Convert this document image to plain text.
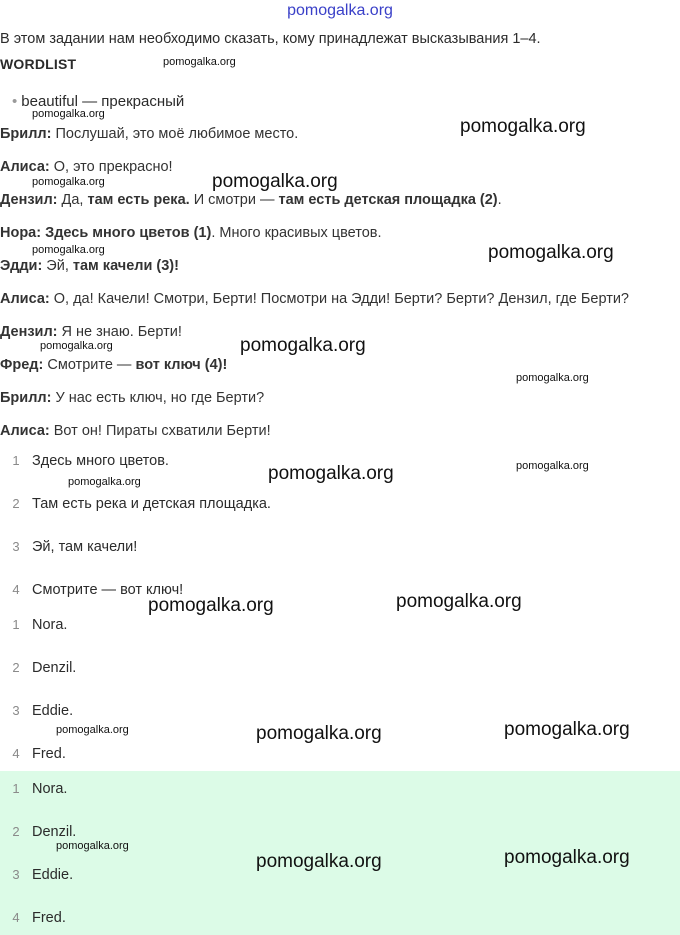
pomogalka.org
В этом задании нам необходимо сказать, кому принадлежат высказывания 1–4.
WORDLIST
• beautiful — прекрасный
Брилл: Послушай, это моё любимое место.
Алиса: О, это прекрасно!
Дензил: Да, там есть река. И смотри — там есть детская площадка (2).
Нора: Здесь много цветов (1). Много красивых цветов.
Эдди: Эй, там качели (3)!
Алиса: О, да! Качели! Смотри, Берти! Посмотри на Эдди! Берти? Берти? Дензил, где Берти?
Дензил: Я не знаю. Берти!
Фред: Смотрите — вот ключ (4)!
Брилл: У нас есть ключ, но где Берти?
Алиса: Вот он! Пираты схватили Берти!
1 Здесь много цветов.
2 Там есть река и детская площадка.
3 Эй, там качели!
4 Смотрите — вот ключ!
1 Nora.
2 Denzil.
3 Eddie.
4 Fred.
1 Nora.
2 Denzil.
3 Eddie.
4 Fred.
pomogalka.org
pomogalka.org
pomogalka.org	pomogalka.org
pomogalka.org	pomogalka.org
pomogalka.org	pomogalka.org
pomogalka.org
pomogalka.org	pomogalka.org
pomogalka.org
pomogalka.org	pomogalka.org
pomogalka.org	pomogalka.org	pomogalka.org
pomogalka.org
pomogalka.org	pomogalka.org
pomogalka.org
